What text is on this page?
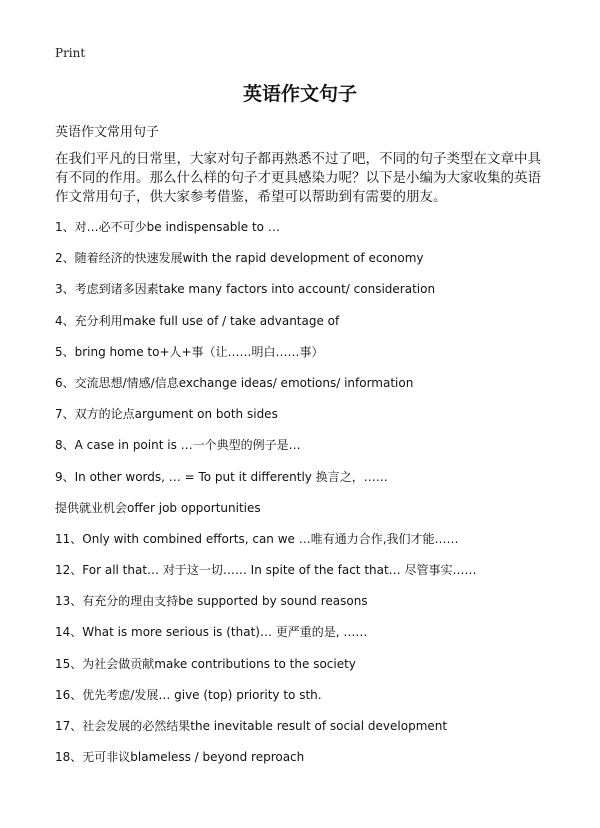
Print
英语作文句子
英语作文常用句子
在我们平凡的日常里，大家对句子都再熟悉不过了吧，不同的句子类型在文章中具有不同的作用。那么什么样的句子才更具感染力呢？以下是小编为大家收集的英语作文常用句子，供大家参考借鉴，希望可以帮助到有需要的朋友。
1、对…必不可少be indispensable to …
2、随着经济的快速发展with the rapid development of economy
3、考虑到诸多因素take many factors into account/ consideration
4、充分利用make full use of / take advantage of
5、bring home to+人+事（让……明白……事）
6、交流思想/情感/信息exchange ideas/ emotions/ information
7、双方的论点argument on both sides
8、A case in point is …一个典型的例子是…
9、In other words, … = To put it differently 换言之，……
提供就业机会offer job opportunities
11、Only with combined efforts, can we …唯有通力合作,我们才能……
12、For all that… 对于这一切…… In spite of the fact that… 尽管事实……
13、有充分的理由支持be supported by sound reasons
14、What is more serious is (that)… 更严重的是, ……
15、为社会做贡献make contributions to the society
16、优先考虑/发展… give (top) priority to sth.
17、社会发展的必然结果the inevitable result of social development
18、无可非议blameless / beyond reproach
